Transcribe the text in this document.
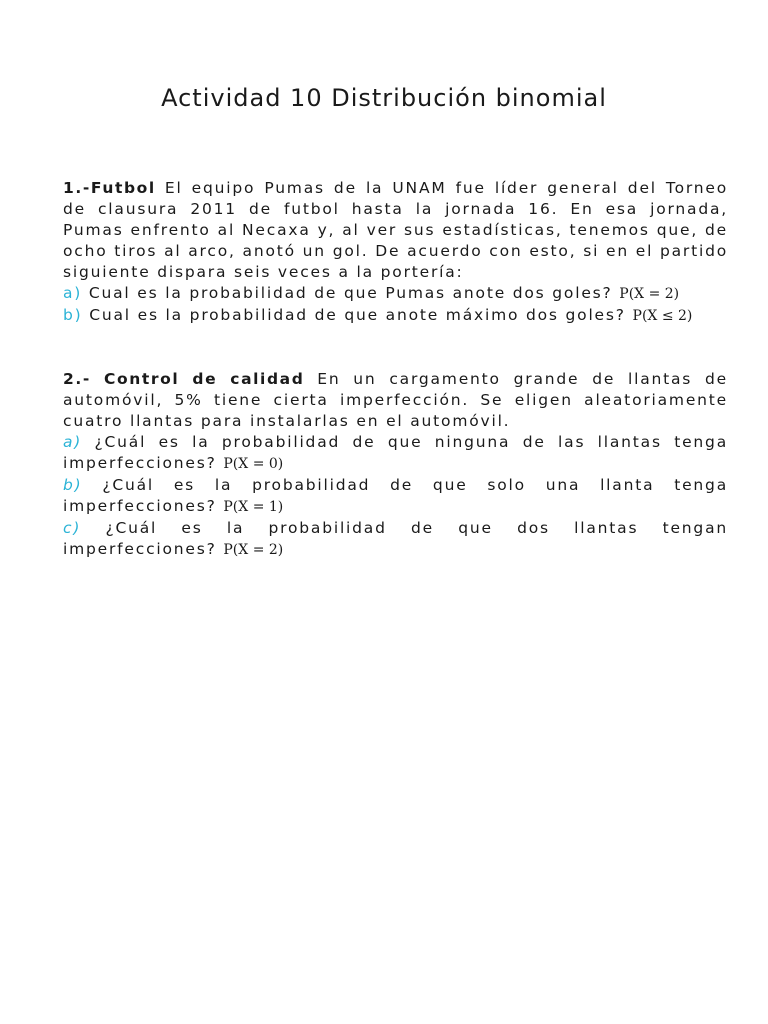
Actividad 10 Distribución binomial

1.-Futbol El equipo Pumas de la UNAM fue líder general del Torneo de clausura 2011 de futbol hasta la jornada 16. En esa jornada, Pumas enfrento al Necaxa y, al ver sus estadísticas, tenemos que, de ocho tiros al arco, anotó un gol. De acuerdo con esto, si en el partido siguiente dispara seis veces a la portería:

a) Cual es la probabilidad de que Pumas anote dos goles? P(X = 2)
b) Cual es la probabilidad de que anote máximo dos goles? P(X ≤ 2)

2.- Control de calidad En un cargamento grande de llantas de automóvil, 5% tiene cierta imperfección. Se eligen aleatoriamente cuatro llantas para instalarlas en el automóvil.

a) ¿Cuál es la probabilidad de que ninguna de las llantas tenga imperfecciones? P(X = 0)
b) ¿Cuál es la probabilidad de que solo una llanta tenga imperfecciones? P(X = 1)
c) ¿Cuál es la probabilidad de que dos llantas tengan imperfecciones? P(X = 2)
